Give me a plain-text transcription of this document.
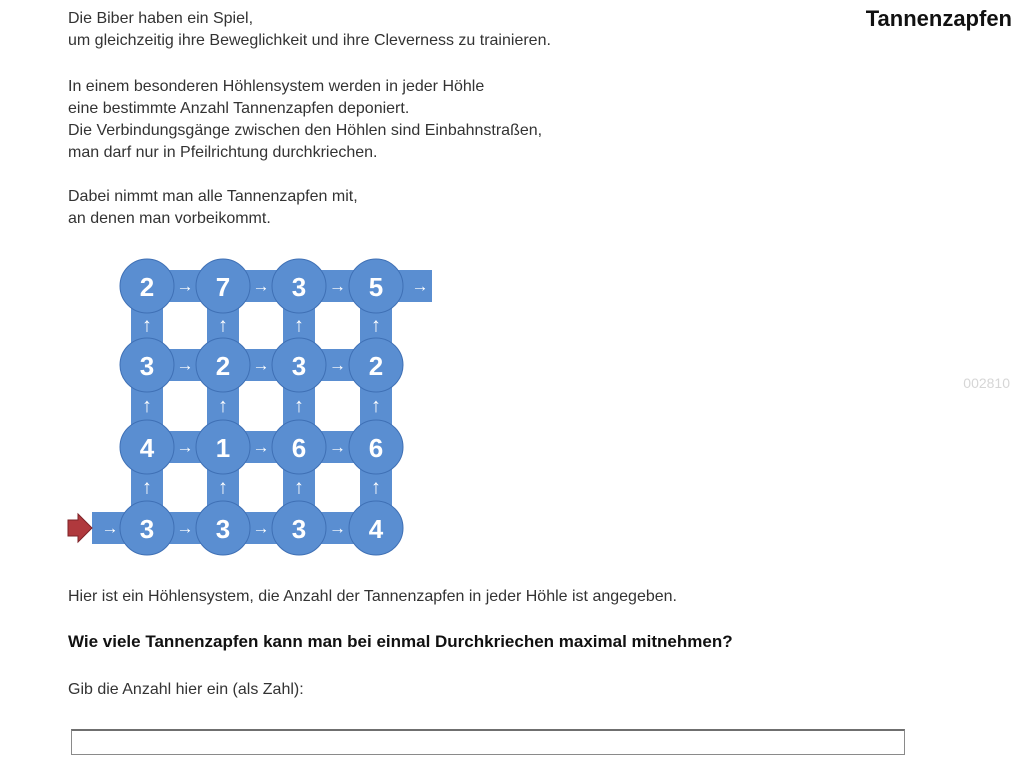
Tannenzapfen
002810

Die Biber haben ein Spiel,
um gleichzeitig ihre Beweglichkeit und ihre Cleverness zu trainieren.

In einem besonderen Höhlensystem werden in jeder Höhle
eine bestimmte Anzahl Tannenzapfen deponiert.
Die Verbindungsgänge zwischen den Höhlen sind Einbahnstraßen,
man darf nur in Pfeilrichtung durchkriechen.

Dabei nimmt man alle Tannenzapfen mit,
an denen man vorbeikommt.

2 7 3 5
3 2 3 2
4 1 6 6
3 3 3 4
→	→	→
→	→	→
→	→	→
→	→	→
→
→
↑	↑	↑	↑
↑	↑	↑	↑
↑	↑	↑	↑

Hier ist ein Höhlensystem, die Anzahl der Tannenzapfen in jeder Höhle ist angegeben.

Wie viele Tannenzapfen kann man bei einmal Durchkriechen maximal mitnehmen?
Gib die Anzahl hier ein (als Zahl):
